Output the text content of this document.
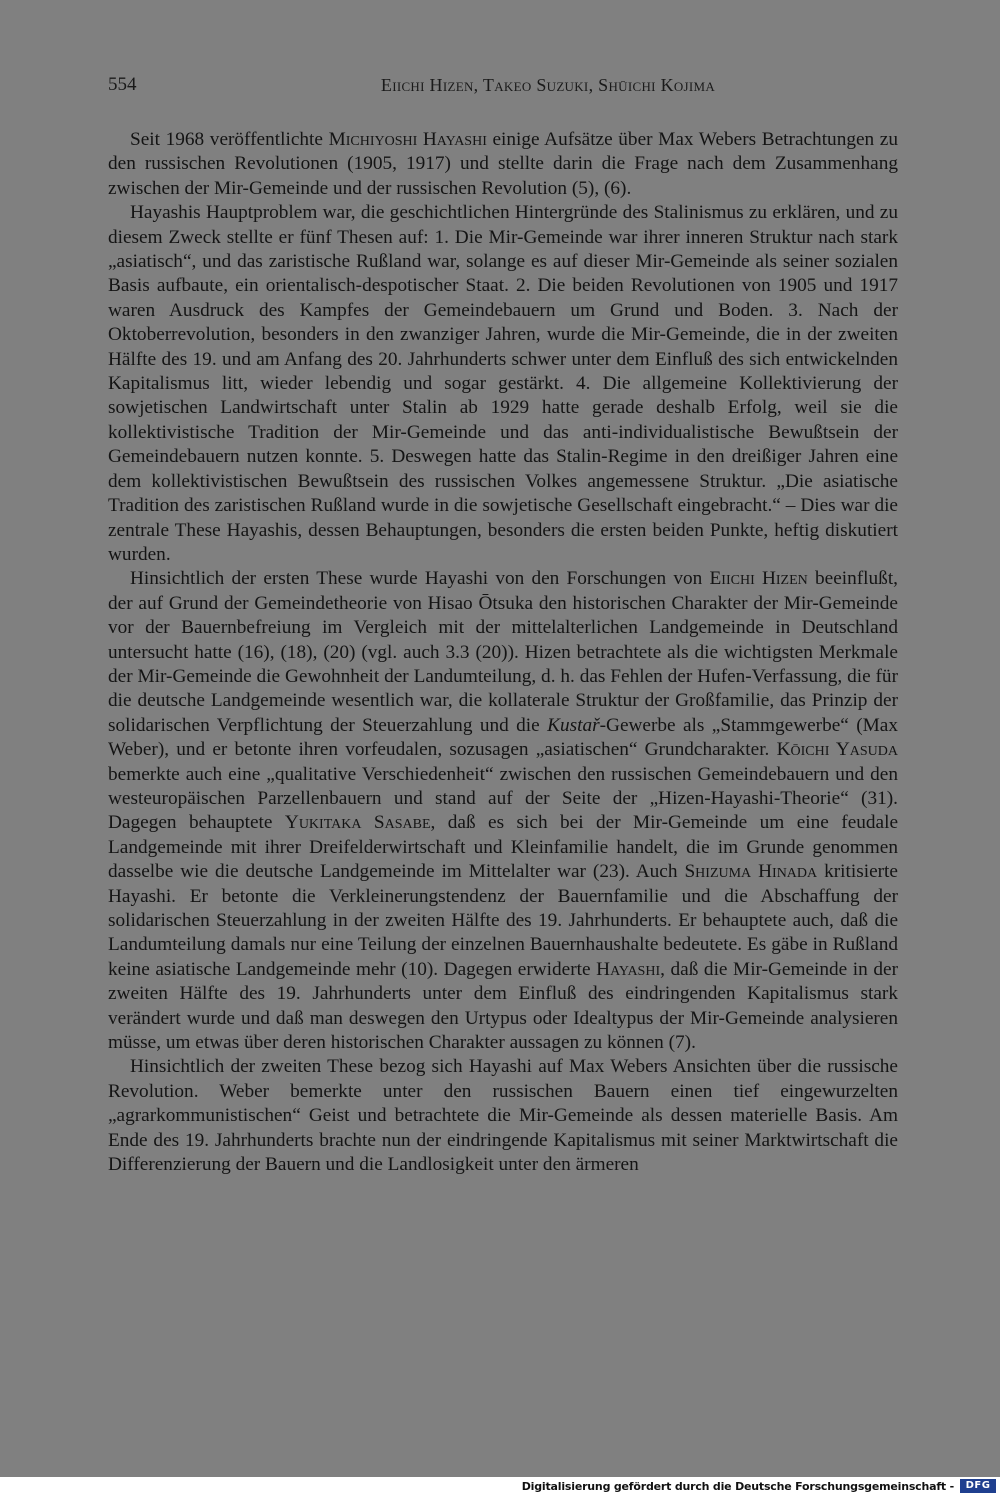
554	Eiichi Hizen, Takeo Suzuki, Shūichi Kojima

Seit 1968 veröffentlichte Michiyoshi Hayashi einige Aufsätze über Max Webers Betrachtungen zu den russischen Revolutionen (1905, 1917) und stellte darin die Frage nach dem Zusammenhang zwischen der Mir-Gemeinde und der russischen Revolution (5), (6).

Hayashis Hauptproblem war, die geschichtlichen Hintergründe des Stalinismus zu erklären, und zu diesem Zweck stellte er fünf Thesen auf: 1. Die Mir-Gemeinde war ihrer inneren Struktur nach stark „asiatisch“, und das zaristische Rußland war, solange es auf dieser Mir-Gemeinde als seiner sozialen Basis aufbaute, ein orientalisch-despotischer Staat. 2. Die beiden Revolutionen von 1905 und 1917 waren Ausdruck des Kampfes der Gemeindebauern um Grund und Boden. 3. Nach der Oktoberrevolution, besonders in den zwanziger Jahren, wurde die Mir-Gemeinde, die in der zweiten Hälfte des 19. und am Anfang des 20. Jahrhunderts schwer unter dem Einfluß des sich entwickelnden Kapitalismus litt, wieder lebendig und sogar gestärkt. 4. Die allgemeine Kollektivierung der sowjetischen Landwirtschaft unter Stalin ab 1929 hatte gerade deshalb Erfolg, weil sie die kollektivistische Tradition der Mir-Gemeinde und das anti-individualistische Bewußtsein der Gemeindebauern nutzen konnte. 5. Deswegen hatte das Stalin-Regime in den dreißiger Jahren eine dem kollektivistischen Bewußtsein des russischen Volkes angemessene Struktur. „Die asiatische Tradition des zaristischen Rußland wurde in die sowjetische Gesellschaft eingebracht.“ – Dies war die zentrale These Hayashis, dessen Behauptungen, besonders die ersten beiden Punkte, heftig diskutiert wurden.

Hinsichtlich der ersten These wurde Hayashi von den Forschungen von Eiichi Hizen beeinflußt, der auf Grund der Gemeindetheorie von Hisao Ōtsuka den historischen Charakter der Mir-Gemeinde vor der Bauernbefreiung im Vergleich mit der mittelalterlichen Landgemeinde in Deutschland untersucht hatte (16), (18), (20) (vgl. auch 3.3 (20)). Hizen betrachtete als die wichtigsten Merkmale der Mir-Gemeinde die Gewohnheit der Landumteilung, d. h. das Fehlen der Hufen-Verfassung, die für die deutsche Landgemeinde wesentlich war, die kollaterale Struktur der Großfamilie, das Prinzip der solidarischen Verpflichtung der Steuerzahlung und die Kustař-Gewerbe als „Stammgewerbe“ (Max Weber), und er betonte ihren vorfeudalen, sozusagen „asiatischen“ Grundcharakter. Kōichi Yasuda bemerkte auch eine „qualitative Verschiedenheit“ zwischen den russischen Gemeindebauern und den westeuropäischen Parzellenbauern und stand auf der Seite der „Hizen-Hayashi-Theorie“ (31). Dagegen behauptete Yukitaka Sasabe, daß es sich bei der Mir-Gemeinde um eine feudale Landgemeinde mit ihrer Dreifelderwirtschaft und Kleinfamilie handelt, die im Grunde genommen dasselbe wie die deutsche Landgemeinde im Mittelalter war (23). Auch Shizuma Hinada kritisierte Hayashi. Er betonte die Verkleinerungstendenz der Bauernfamilie und die Abschaffung der solidarischen Steuerzahlung in der zweiten Hälfte des 19. Jahrhunderts. Er behauptete auch, daß die Landumteilung damals nur eine Teilung der einzelnen Bauernhaushalte bedeutete. Es gäbe in Rußland keine asiatische Landgemeinde mehr (10). Dagegen erwiderte Hayashi, daß die Mir-Gemeinde in der zweiten Hälfte des 19. Jahrhunderts unter dem Einfluß des eindringenden Kapitalismus stark verändert wurde und daß man deswegen den Urtypus oder Idealtypus der Mir-Gemeinde analysieren müsse, um etwas über deren historischen Charakter aussagen zu können (7).

Hinsichtlich der zweiten These bezog sich Hayashi auf Max Webers Ansichten über die russische Revolution. Weber bemerkte unter den russischen Bauern einen tief eingewurzelten „agrarkommunistischen“ Geist und betrachtete die Mir-Gemeinde als dessen materielle Basis. Am Ende des 19. Jahrhunderts brachte nun der eindringende Kapitalismus mit seiner Marktwirtschaft die Differenzierung der Bauern und die Landlosigkeit unter den ärmeren

Digitalisierung gefördert durch die Deutsche Forschungsgemeinschaft -	DFG
